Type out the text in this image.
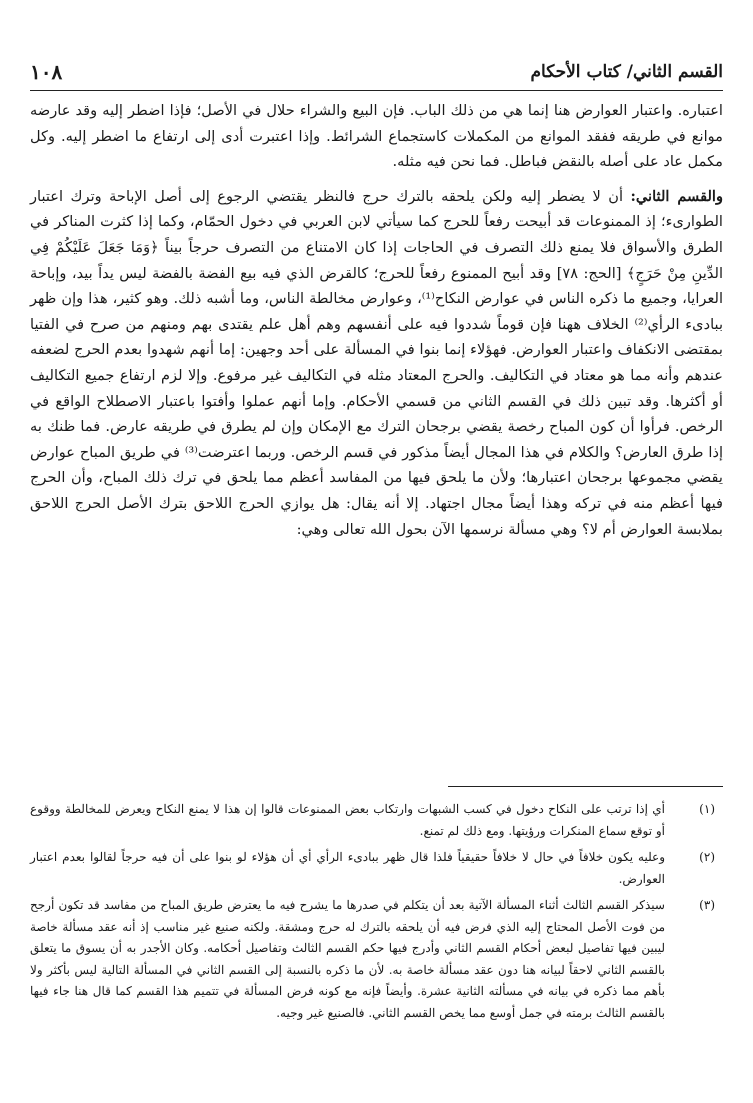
القسم الثاني/ كتاب الأحكام
١٠٨

اعتباره. واعتبار العوارض هنا إنما هي من ذلك الباب. فإن البيع والشراء حلال في الأصل؛ فإذا اضطر إليه وقد عارضه موانع في طريقه ففقد الموانع من المكملات كاستجماع الشرائط. وإذا اعتبرت أدى إلى ارتفاع ما اضطر إليه. وكل مكمل عاد على أصله بالنقض فباطل. فما نحن فيه مثله.

والقسم الثاني: أن لا يضطر إليه ولكن يلحقه بالترك حرج فالنظر يقتضي الرجوع إلى أصل الإباحة وترك اعتبار الطوارىء؛ إذ الممنوعات قد أبيحت رفعاً للحرج كما سيأتي لابن العربي في دخول الحمّام، وكما إذا كثرت المناكر في الطرق والأسواق فلا يمنع ذلك التصرف في الحاجات إذا كان الامتناع من التصرف حرجاً بيناً ﴿وَمَا جَعَلَ عَلَيْكُمْ فِي الدِّينِ مِنْ حَرَجٍ﴾ [الحج: ٧٨] وقد أبيح الممنوع رفعاً للحرج؛ كالقرض الذي فيه بيع الفضة بالفضة ليس يداً بيد، وإباحة العرايا، وجميع ما ذكره الناس في عوارض النكاح⁽¹⁾، وعوارض مخالطة الناس، وما أشبه ذلك. وهو كثير، هذا وإن ظهر ببادىء الرأي⁽²⁾ الخلاف ههنا فإن قوماً شددوا فيه على أنفسهم وهم أهل علم يقتدى بهم ومنهم من صرح في الفتيا بمقتضى الانكفاف واعتبار العوارض. فهؤلاء إنما بنوا في المسألة على أحد وجهين: إما أنهم شهدوا بعدم الحرج لضعفه عندهم وأنه مما هو معتاد في التكاليف. والحرج المعتاد مثله في التكاليف غير مرفوع. وإلا لزم ارتفاع جميع التكاليف أو أكثرها. وقد تبين ذلك في القسم الثاني من قسمي الأحكام. وإما أنهم عملوا وأفتوا باعتبار الاصطلاح الواقع في الرخص. فرأوا أن كون المباح رخصة يقضي برجحان الترك مع الإمكان وإن لم يطرق في طريقه عارض. فما ظنك به إذا طرق العارض؟ والكلام في هذا المجال أيضاً مذكور في قسم الرخص. وربما اعترضت⁽³⁾ في طريق المباح عوارض يقضي مجموعها برجحان اعتبارها؛ ولأن ما يلحق فيها من المفاسد أعظم مما يلحق في ترك ذلك المباح، وأن الحرج فيها أعظم منه في تركه وهذا أيضاً مجال اجتهاد. إلا أنه يقال: هل يوازي الحرج اللاحق بترك الأصل الحرج اللاحق بملابسة العوارض أم لا؟ وهي مسألة نرسمها الآن بحول الله تعالى وهي:

(١)
أي إذا ترتب على النكاح دخول في كسب الشبهات وارتكاب بعض الممنوعات قالوا إن هذا لا يمنع النكاح ويعرض للمخالطة ووقوع أو توقع سماع المنكرات ورؤيتها. ومع ذلك لم تمنع.
(٢)
وعليه يكون خلافاً في حال لا خلافاً حقيقياً فلذا قال ظهر ببادىء الرأي أي أن هؤلاء لو بنوا على أن فيه حرجاً لقالوا بعدم اعتبار العوارض.
(٣)
سيذكر القسم الثالث أثناء المسألة الآتية بعد أن يتكلم في صدرها ما يشرح فيه ما يعترض طريق المباح من مفاسد قد تكون أرجح من فوت الأصل المحتاج إليه الذي فرض فيه أن يلحقه بالترك له حرج ومشقة. ولكنه صنيع غير مناسب إذ أنه عقد مسألة خاصة ليبين فيها تفاصيل لبعض أحكام القسم الثاني وأدرج فيها حكم القسم الثالث وتفاصيل أحكامه. وكان الأجدر به أن يسوق ما يتعلق بالقسم الثاني لاحقاً لبيانه هنا دون عقد مسألة خاصة به. لأن ما ذكره بالنسبة إلى القسم الثاني في المسألة التالية ليس بأكثر ولا بأهم مما ذكره في بيانه في مسألته الثانية عشرة. وأيضاً فإنه مع كونه فرض المسألة في تتميم هذا القسم كما قال هنا جاء فيها بالقسم الثالث برمته في جمل أوسع مما يخص القسم الثاني. فالصنيع غير وجيه.
